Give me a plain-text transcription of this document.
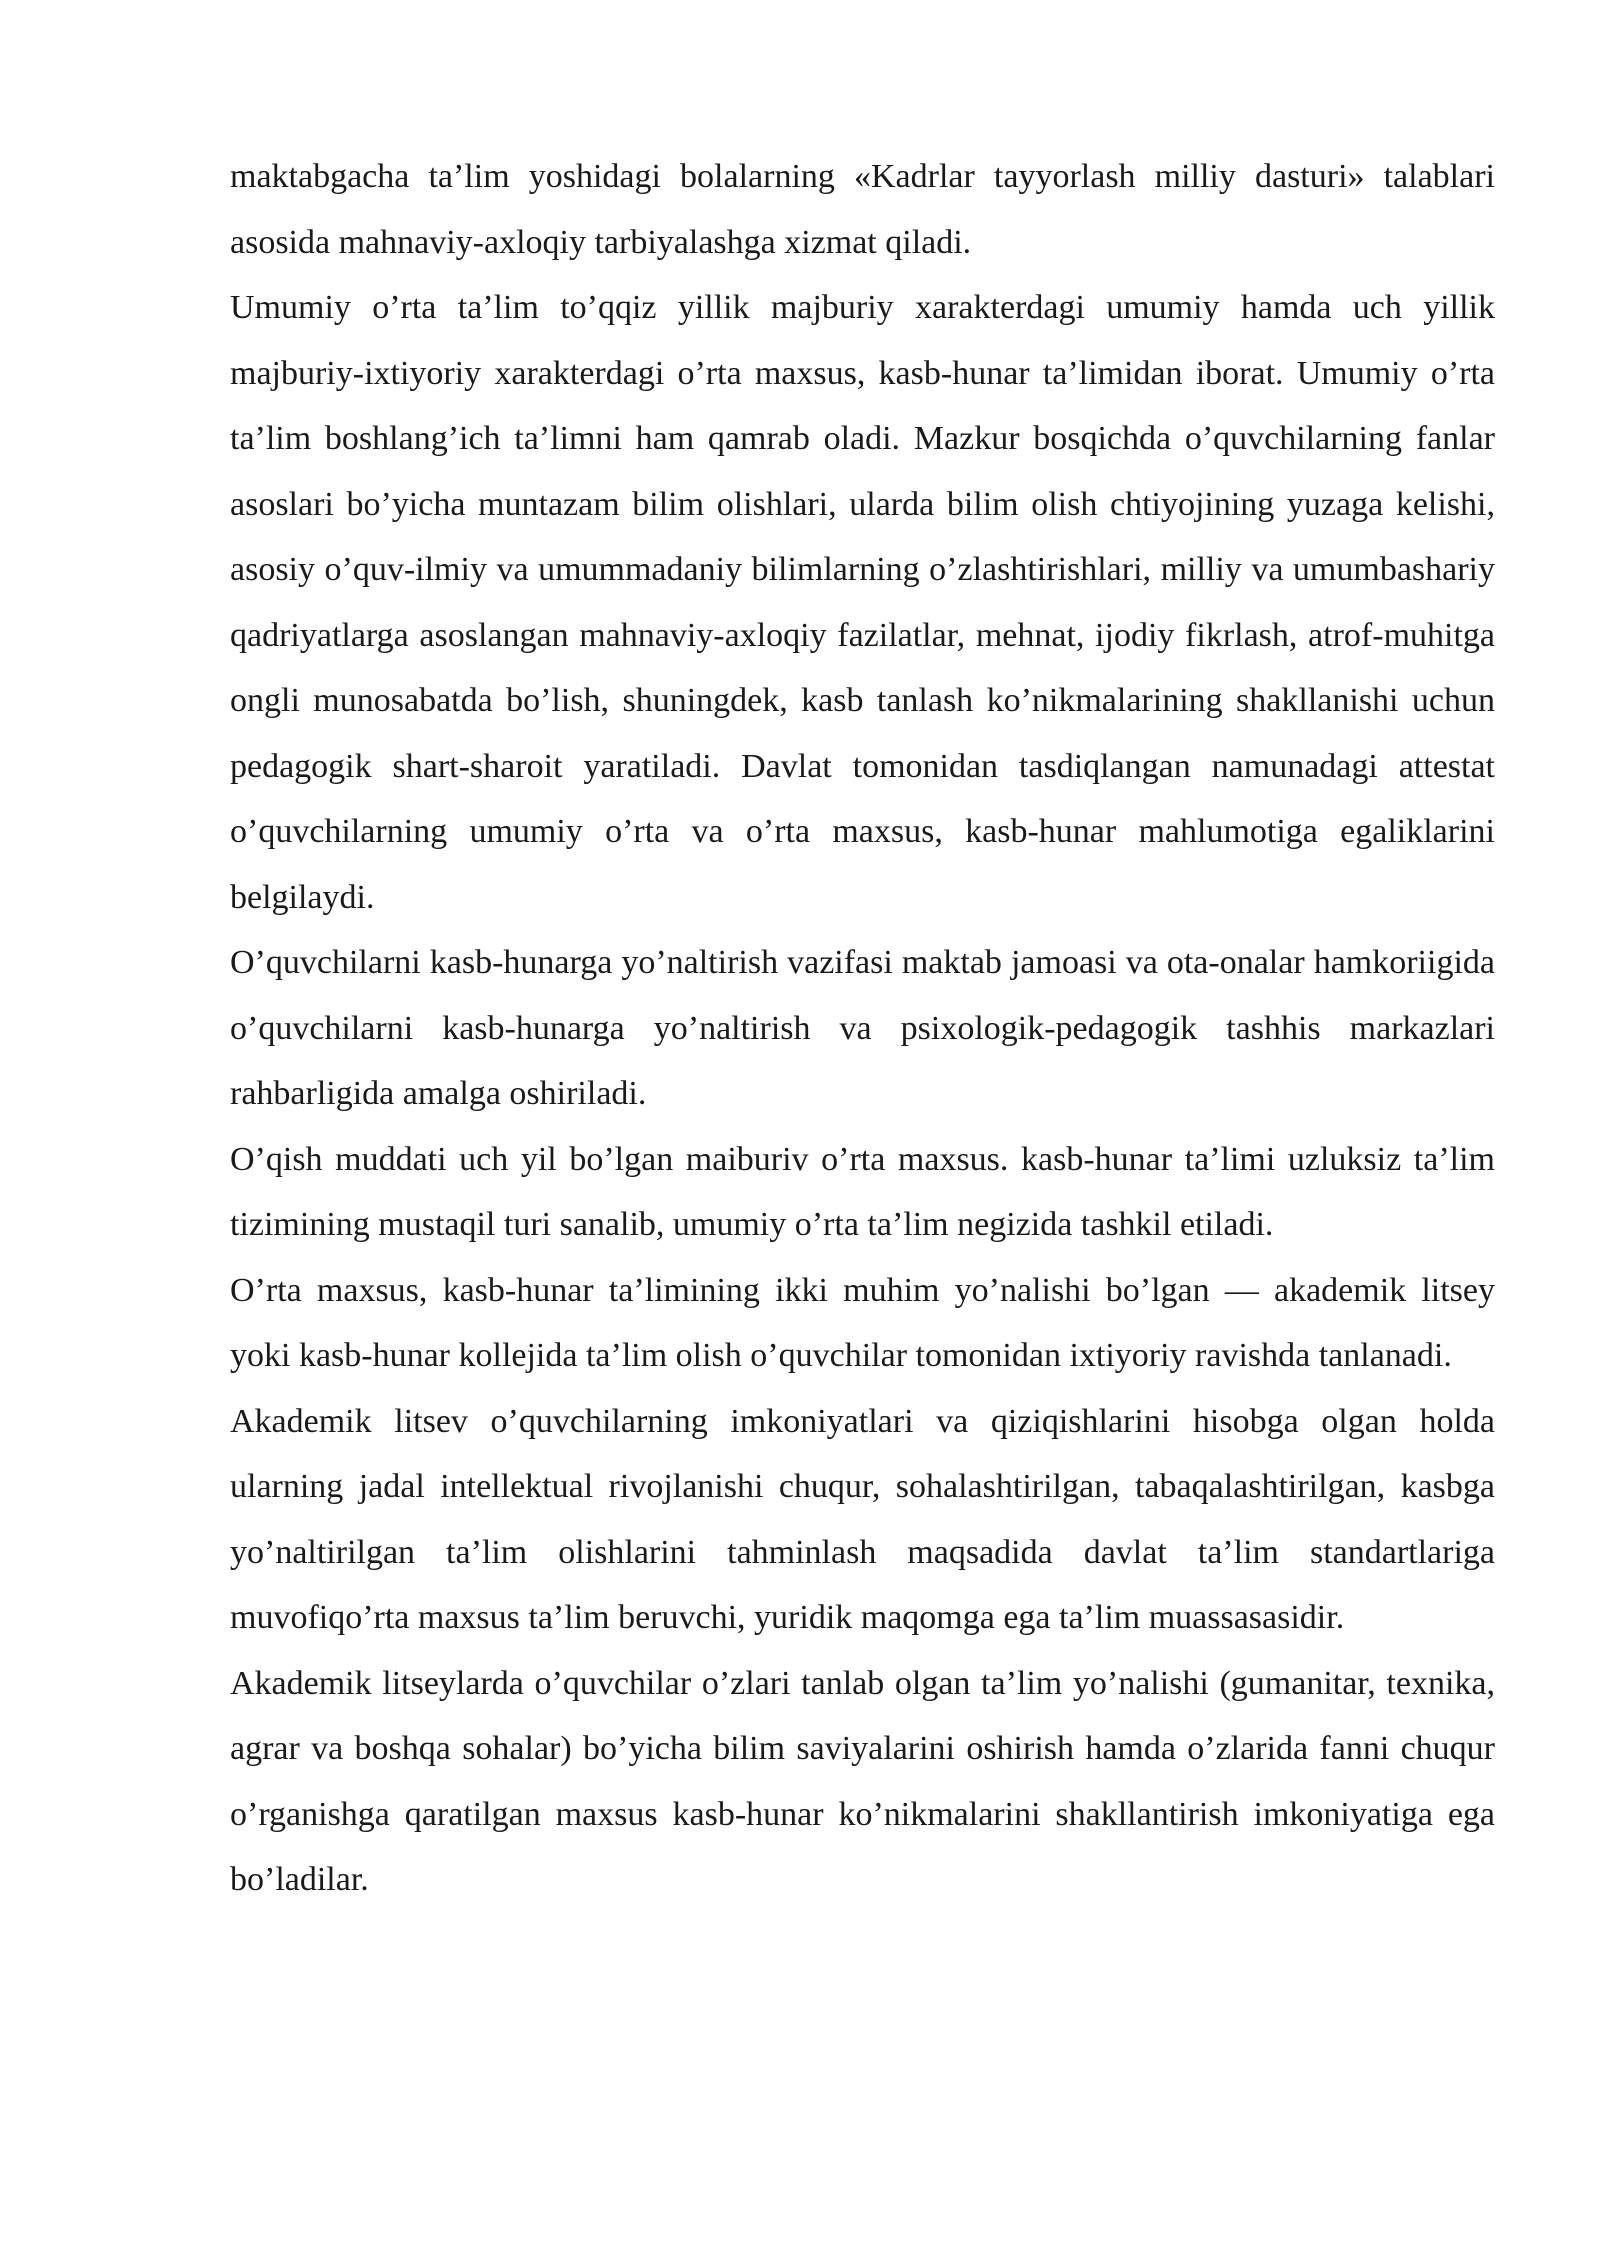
maktabgacha ta’lim yoshidagi bolalarning «Kadrlar tayyorlash milliy dasturi» talablari asosida mahnaviy-axloqiy tarbiyalashga xizmat qiladi.

Umumiy o’rta ta’lim to’qqiz yillik majburiy xarakterdagi umumiy hamda uch yillik majburiy-ixtiyoriy xarakterdagi o’rta maxsus, kasb-hunar ta’limidan iborat. Umumiy o’rta ta’lim boshlang’ich ta’limni ham qamrab oladi. Mazkur bosqichda o’quvchilarning fanlar asoslari bo’yicha muntazam bilim olishlari, ularda bilim olish chtiyojining yuzaga kelishi, asosiy o’quv-ilmiy va umummadaniy bilimlarning o’zlashtirishlari, milliy va umumbashariy qadriyatlarga asoslangan mahnaviy-axloqiy fazilatlar, mehnat, ijodiy fikrlash, atrof-muhitga ongli munosabatda bo’lish, shuningdek, kasb tanlash ko’nikmalarining shakllanishi uchun pedagogik shart-sharoit yaratiladi. Davlat tomonidan tasdiqlangan namunadagi attestat o’quvchilarning umumiy o’rta va o’rta maxsus, kasb-hunar mahlumotiga egaliklarini belgilaydi.

O’quvchilarni kasb-hunarga yo’naltirish vazifasi maktab jamoasi va ota-onalar hamkoriigida o’quvchilarni kasb-hunarga yo’naltirish va psixologik-pedagogik tashhis markazlari rahbarligida amalga oshiriladi.

O’qish muddati uch yil bo’lgan maiburiv o’rta maxsus. kasb-hunar ta’limi uzluksiz ta’lim tizimining mustaqil turi sanalib, umumiy o’rta ta’lim negizida tashkil etiladi.

O’rta maxsus, kasb-hunar ta’limining ikki muhim yo’nalishi bo’lgan — akademik litsey yoki kasb-hunar kollejida ta’lim olish o’quvchilar tomonidan ixtiyoriy ravishda tanlanadi.

Akademik litsev o’quvchilarning imkoniyatlari va qiziqishlarini hisobga olgan holda ularning jadal intellektual rivojlanishi chuqur, sohalashtirilgan, tabaqalashtirilgan, kasbga yo’naltirilgan ta’lim olishlarini tahminlash maqsadida davlat ta’lim standartlariga muvofiqo’rta maxsus ta’lim beruvchi, yuridik maqomga ega ta’lim muassasasidir.

Akademik litseylarda o’quvchilar o’zlari tanlab olgan ta’lim yo’nalishi (gumanitar, texnika, agrar va boshqa sohalar) bo’yicha bilim saviyalarini oshirish hamda o’zlarida fanni chuqur o’rganishga qaratilgan maxsus kasb-hunar ko’nikmalarini shakllantirish imkoniyatiga ega bo’ladilar.
